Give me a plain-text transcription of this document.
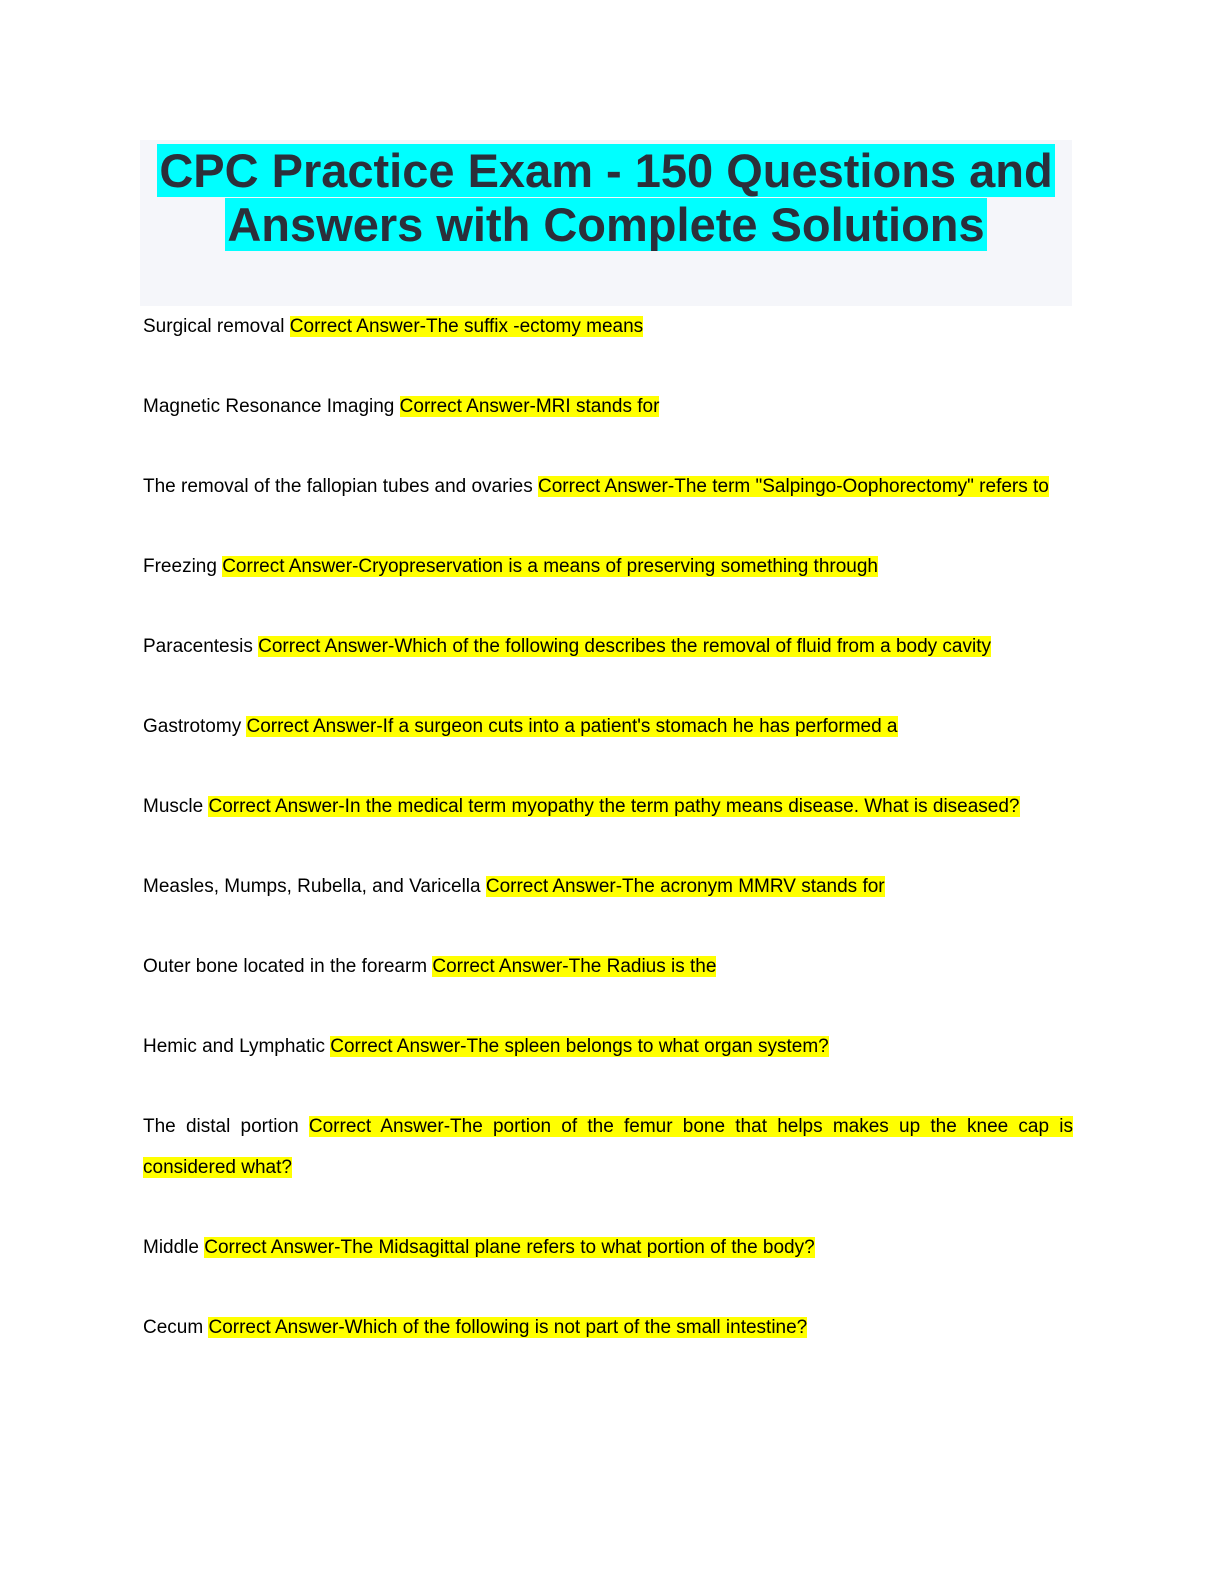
CPC Practice Exam - 150 Questions and
Answers with Complete Solutions
Surgical removal Correct Answer-The suffix -ectomy means
Magnetic Resonance Imaging Correct Answer-MRI stands for
The removal of the fallopian tubes and ovaries Correct Answer-The term "Salpingo-Oophorectomy" refers to
Freezing Correct Answer-Cryopreservation is a means of preserving something through
Paracentesis Correct Answer-Which of the following describes the removal of fluid from a body cavity
Gastrotomy Correct Answer-If a surgeon cuts into a patient's stomach he has performed a
Muscle Correct Answer-In the medical term myopathy the term pathy means disease. What is diseased?
Measles, Mumps, Rubella, and Varicella Correct Answer-The acronym MMRV stands for
Outer bone located in the forearm Correct Answer-The Radius is the
Hemic and Lymphatic Correct Answer-The spleen belongs to what organ system?
The distal portion Correct Answer-The portion of the femur bone that helps makes up the knee cap is considered what?
Middle Correct Answer-The Midsagittal plane refers to what portion of the body?
Cecum Correct Answer-Which of the following is not part of the small intestine?
